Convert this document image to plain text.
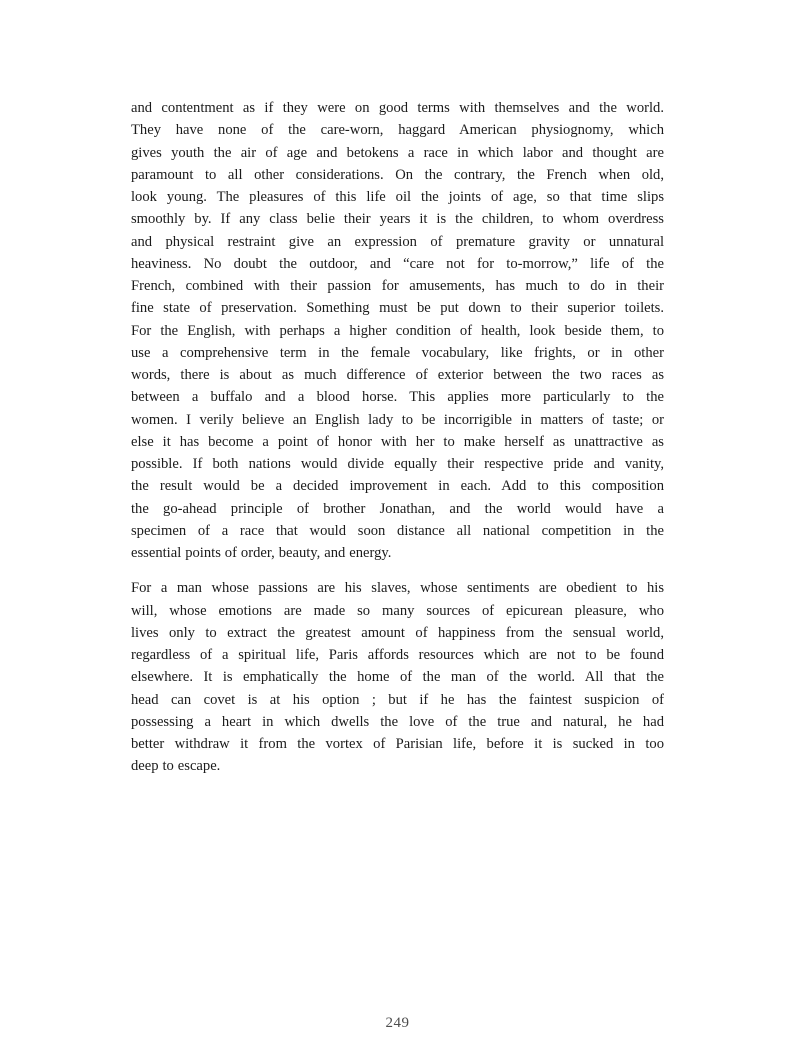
and contentment as if they were on good terms with themselves and the world.
They have none of the care-worn, haggard American physiognomy, which
gives youth the air of age and betokens a race in which labor and thought are
paramount to all other considerations. On the contrary, the French when old,
look young. The pleasures of this life oil the joints of age, so that time slips
smoothly by. If any class belie their years it is the children, to whom overdress
and physical restraint give an expression of premature gravity or unnatural
heaviness. No doubt the outdoor, and “care not for to-morrow,” life of the
French, combined with their passion for amusements, has much to do in their
fine state of preservation. Something must be put down to their superior toilets.
For the English, with perhaps a higher condition of health, look beside them, to
use a comprehensive term in the female vocabulary, like frights, or in other
words, there is about as much difference of exterior between the two races as
between a buffalo and a blood horse. This applies more particularly to the
women. I verily believe an English lady to be incorrigible in matters of taste; or
else it has become a point of honor with her to make herself as unattractive as
possible. If both nations would divide equally their respective pride and vanity,
the result would be a decided improvement in each. Add to this composition
the go-ahead principle of brother Jonathan, and the world would have a
specimen of a race that would soon distance all national competition in the
essential points of order, beauty, and energy.
For a man whose passions are his slaves, whose sentiments are obedient to his
will, whose emotions are made so many sources of epicurean pleasure, who
lives only to extract the greatest amount of happiness from the sensual world,
regardless of a spiritual life, Paris affords resources which are not to be found
elsewhere. It is emphatically the home of the man of the world. All that the
head can covet is at his option ; but if he has the faintest suspicion of
possessing a heart in which dwells the love of the true and natural, he had
better withdraw it from the vortex of Parisian life, before it is sucked in too
deep to escape.
249
